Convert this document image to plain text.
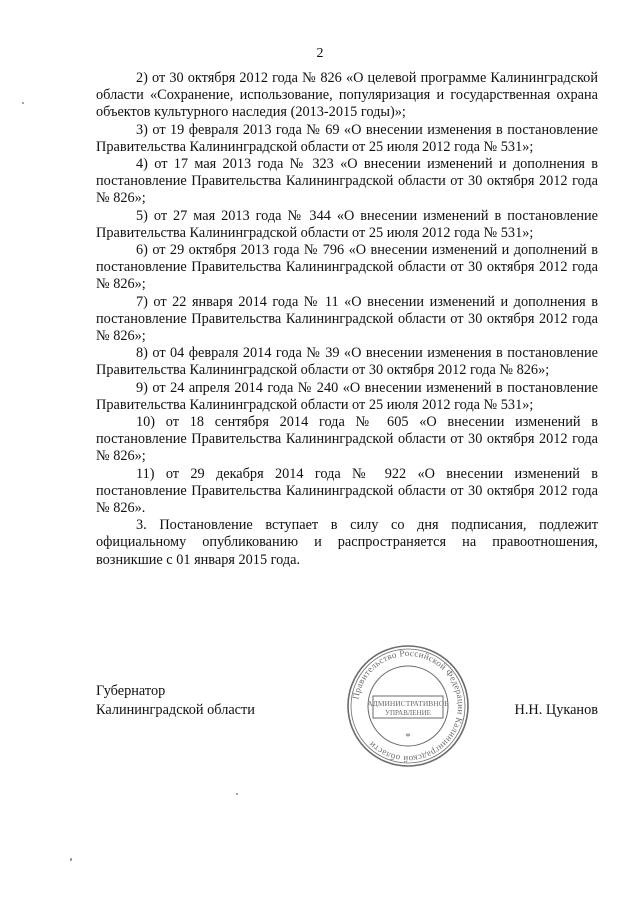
2

2) от 30 октября 2012 года № 826 «О целевой программе Калининградской области «Сохранение, использование, популяризация и государственная охрана объектов культурного наследия (2013-2015 годы)»;

3) от 19 февраля 2013 года № 69 «О внесении изменения в постановление Правительства Калининградской области от 25 июля 2012 года № 531»;

4) от 17 мая 2013 года № 323 «О внесении изменений и дополнения в постановление Правительства Калининградской области от 30 октября 2012 года № 826»;

5) от 27 мая 2013 года № 344 «О внесении изменений в постановление Правительства Калининградской области от 25 июля 2012 года № 531»;

6) от 29 октября 2013 года № 796 «О внесении изменений и дополнений в постановление Правительства Калининградской области от 30 октября 2012 года № 826»;

7) от 22 января 2014 года № 11 «О внесении изменений и дополнения в постановление Правительства Калининградской области от 30 октября 2012 года № 826»;

8) от 04 февраля 2014 года № 39 «О внесении изменения в постановление Правительства Калининградской области от 30 октября 2012 года № 826»;

9) от 24 апреля 2014 года № 240 «О внесении изменений в постановление Правительства Калининградской области от 25 июля 2012 года № 531»;

10) от 18 сентября 2014 года № 605 «О внесении изменений в постановление Правительства Калининградской области от 30 октября 2012 года № 826»;

11) от 29 декабря 2014 года № 922 «О внесении изменений в постановление Правительства Калининградской области от 30 октября 2012 года № 826».

3. Постановление вступает в силу со дня подписания, подлежит официальному опубликованию и распространяется на правоотношения, возникшие с 01 января 2015 года.

Губернатор
Калининградской области	Н.Н. Цуканов
Правительство Российской Федерации Калининградской области
АДМИНИСТРАТИВНОЕ
УПРАВЛЕНИЕ
*
